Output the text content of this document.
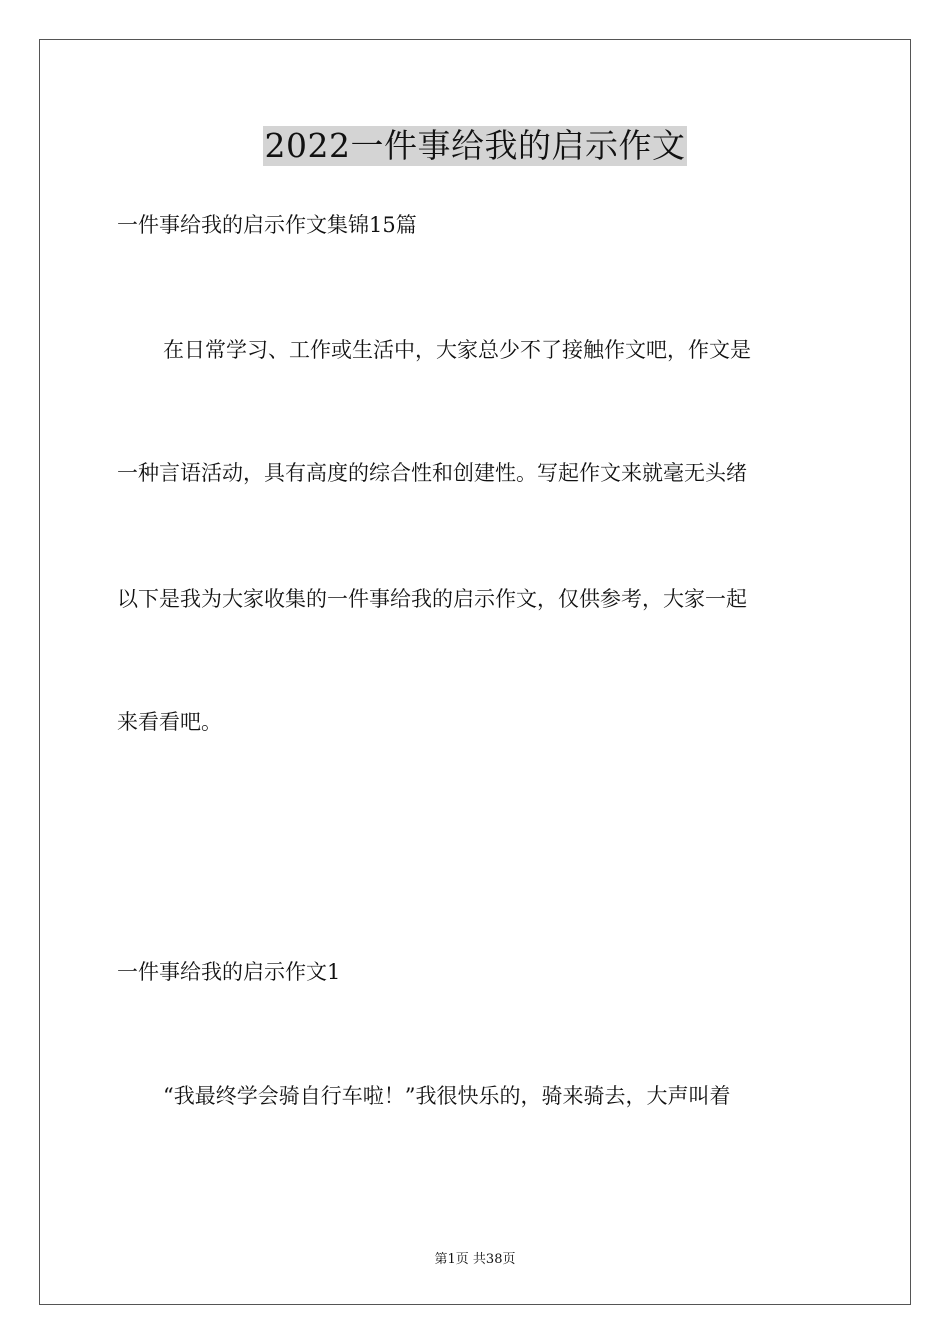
2022一件事给我的启示作文
一件事给我的启示作文集锦15篇
在日常学习、工作或生活中，大家总少不了接触作文吧，作文是
一种言语活动，具有高度的综合性和创建性。写起作文来就毫无头绪
以下是我为大家收集的一件事给我的启示作文，仅供参考，大家一起
来看看吧。
一件事给我的启示作文1
“我最终学会骑自行车啦！”我很快乐的，骑来骑去，大声叫着
第1页 共38页
